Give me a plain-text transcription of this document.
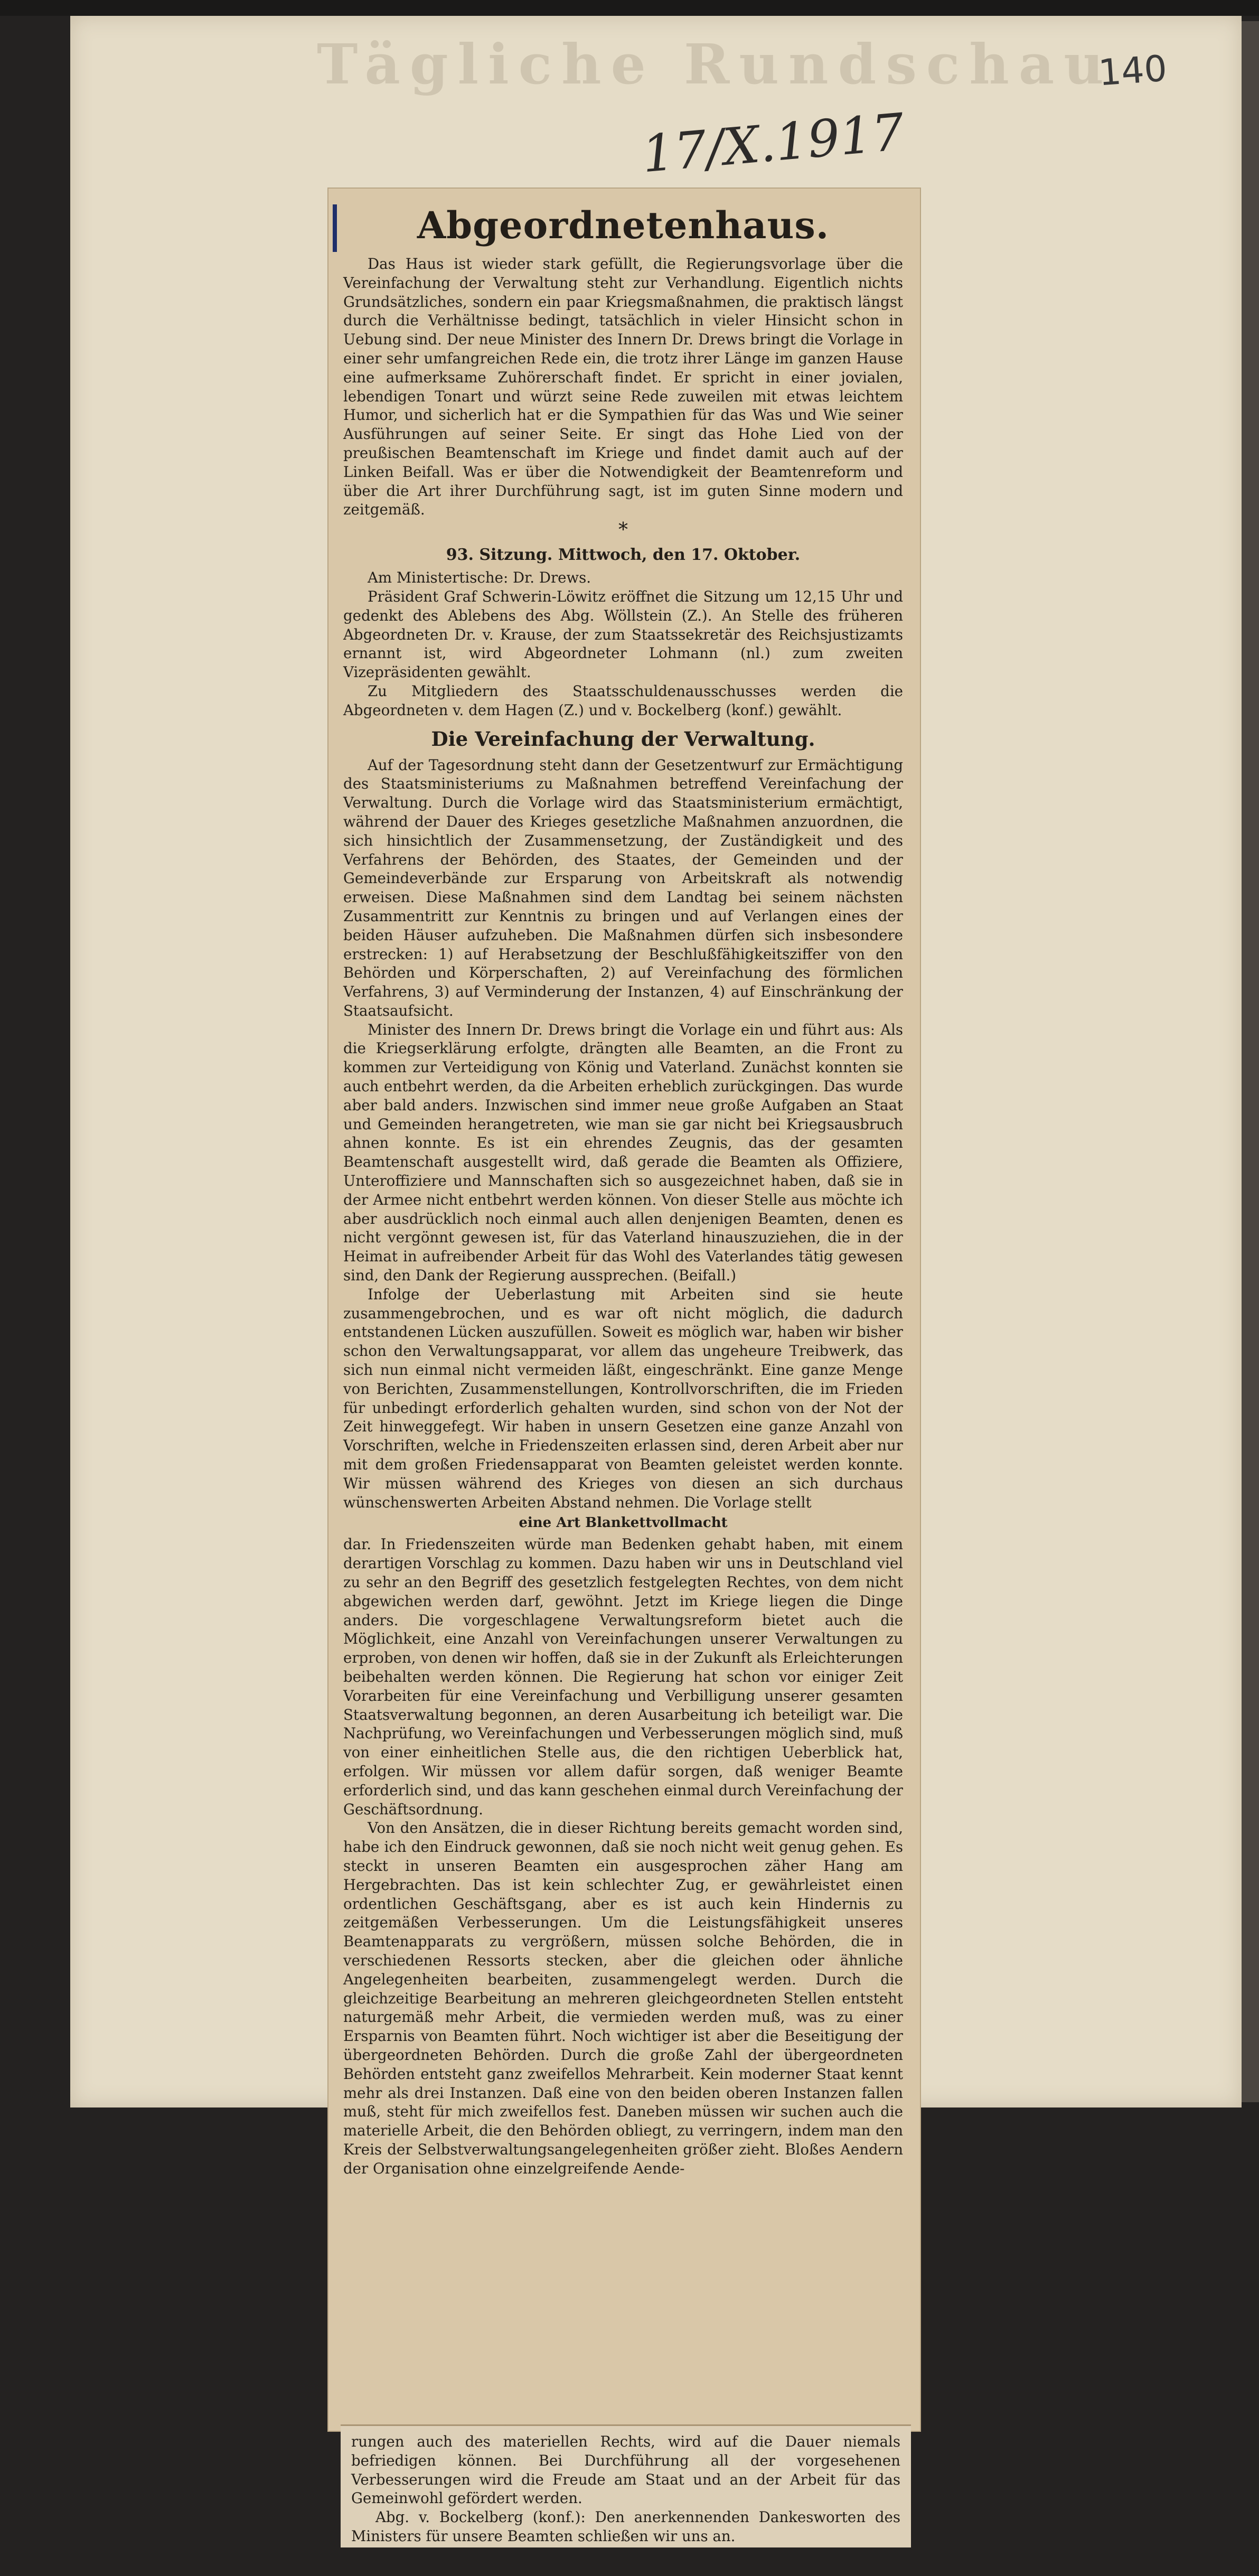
Tägliche Rundschau
140
17/X.1917
Abgeordnetenhaus.

Das Haus ist wieder stark gefüllt, die Regierungsvorlage über die Vereinfachung der Verwaltung steht zur Verhandlung. Eigentlich nichts Grundsätzliches, sondern ein paar Kriegsmaßnahmen, die praktisch längst durch die Verhältnisse bedingt, tatsächlich in vieler Hinsicht schon in Uebung sind. Der neue Minister des Innern Dr. Drews bringt die Vorlage in einer sehr umfangreichen Rede ein, die trotz ihrer Länge im ganzen Hause eine aufmerksame Zuhörerschaft findet. Er spricht in einer jovialen, lebendigen Tonart und würzt seine Rede zuweilen mit etwas leichtem Humor, und sicherlich hat er die Sympathien für das Was und Wie seiner Ausführungen auf seiner Seite. Er singt das Hohe Lied von der preußischen Beamtenschaft im Kriege und findet damit auch auf der Linken Beifall. Was er über die Notwendigkeit der Beamtenreform und über die Art ihrer Durchführung sagt, ist im guten Sinne modern und zeitgemäß.

*
93. Sitzung. Mittwoch, den 17. Oktober.

Am Ministertische: Dr. Drews.

Präsident Graf Schwerin-Löwitz eröffnet die Sitzung um 12,15 Uhr und gedenkt des Ablebens des Abg. Wöllstein (Z.). An Stelle des früheren Abgeordneten Dr. v. Krause, der zum Staatssekretär des Reichsjustizamts ernannt ist, wird Abgeordneter Lohmann (nl.) zum zweiten Vizepräsidenten gewählt.

Zu Mitgliedern des Staatsschuldenausschusses werden die Abgeordneten v. dem Hagen (Z.) und v. Bockelberg (konf.) gewählt.

Die Vereinfachung der Verwaltung.

Auf der Tagesordnung steht dann der Gesetzentwurf zur Ermächtigung des Staatsministeriums zu Maßnahmen betreffend Vereinfachung der Verwaltung. Durch die Vorlage wird das Staatsministerium ermächtigt, während der Dauer des Krieges gesetzliche Maßnahmen anzuordnen, die sich hinsichtlich der Zusammensetzung, der Zuständigkeit und des Verfahrens der Behörden, des Staates, der Gemeinden und der Gemeindeverbände zur Ersparung von Arbeitskraft als notwendig erweisen. Diese Maßnahmen sind dem Landtag bei seinem nächsten Zusammentritt zur Kenntnis zu bringen und auf Verlangen eines der beiden Häuser aufzuheben. Die Maßnahmen dürfen sich insbesondere erstrecken: 1) auf Herabsetzung der Beschlußfähigkeitsziffer von den Behörden und Körperschaften, 2) auf Vereinfachung des förmlichen Verfahrens, 3) auf Verminderung der Instanzen, 4) auf Einschränkung der Staatsaufsicht.

Minister des Innern Dr. Drews bringt die Vorlage ein und führt aus: Als die Kriegserklärung erfolgte, drängten alle Beamten, an die Front zu kommen zur Verteidigung von König und Vaterland. Zunächst konnten sie auch entbehrt werden, da die Arbeiten erheblich zurückgingen. Das wurde aber bald anders. Inzwischen sind immer neue große Aufgaben an Staat und Gemeinden herangetreten, wie man sie gar nicht bei Kriegsausbruch ahnen konnte. Es ist ein ehrendes Zeugnis, das der gesamten Beamtenschaft ausgestellt wird, daß gerade die Beamten als Offiziere, Unteroffiziere und Mannschaften sich so ausgezeichnet haben, daß sie in der Armee nicht entbehrt werden können. Von dieser Stelle aus möchte ich aber ausdrücklich noch einmal auch allen denjenigen Beamten, denen es nicht vergönnt gewesen ist, für das Vaterland hinauszuziehen, die in der Heimat in aufreibender Arbeit für das Wohl des Vaterlandes tätig gewesen sind, den Dank der Regierung aussprechen. (Beifall.)

Infolge der Ueberlastung mit Arbeiten sind sie heute zusammengebrochen, und es war oft nicht möglich, die dadurch entstandenen Lücken auszufüllen. Soweit es möglich war, haben wir bisher schon den Verwaltungsapparat, vor allem das ungeheure Treibwerk, das sich nun einmal nicht vermeiden läßt, eingeschränkt. Eine ganze Menge von Berichten, Zusammenstellungen, Kontrollvorschriften, die im Frieden für unbedingt erforderlich gehalten wurden, sind schon von der Not der Zeit hinweggefegt. Wir haben in unsern Gesetzen eine ganze Anzahl von Vorschriften, welche in Friedenszeiten erlassen sind, deren Arbeit aber nur mit dem großen Friedensapparat von Beamten geleistet werden konnte. Wir müssen während des Krieges von diesen an sich durchaus wünschenswerten Arbeiten Abstand nehmen. Die Vorlage stellt

eine Art Blankettvollmacht

dar. In Friedenszeiten würde man Bedenken gehabt haben, mit einem derartigen Vorschlag zu kommen. Dazu haben wir uns in Deutschland viel zu sehr an den Begriff des gesetzlich festgelegten Rechtes, von dem nicht abgewichen werden darf, gewöhnt. Jetzt im Kriege liegen die Dinge anders. Die vorgeschlagene Verwaltungsreform bietet auch die Möglichkeit, eine Anzahl von Vereinfachungen unserer Verwaltungen zu erproben, von denen wir hoffen, daß sie in der Zukunft als Erleichterungen beibehalten werden können. Die Regierung hat schon vor einiger Zeit Vorarbeiten für eine Vereinfachung und Verbilligung unserer gesamten Staatsverwaltung begonnen, an deren Ausarbeitung ich beteiligt war. Die Nachprüfung, wo Vereinfachungen und Verbesserungen möglich sind, muß von einer einheitlichen Stelle aus, die den richtigen Ueberblick hat, erfolgen. Wir müssen vor allem dafür sorgen, daß weniger Beamte erforderlich sind, und das kann geschehen einmal durch Vereinfachung der Geschäftsordnung.

Von den Ansätzen, die in dieser Richtung bereits gemacht worden sind, habe ich den Eindruck gewonnen, daß sie noch nicht weit genug gehen. Es steckt in unseren Beamten ein ausgesprochen zäher Hang am Hergebrachten. Das ist kein schlechter Zug, er gewährleistet einen ordentlichen Geschäftsgang, aber es ist auch kein Hindernis zu zeitgemäßen Verbesserungen. Um die Leistungsfähigkeit unseres Beamtenapparats zu vergrößern, müssen solche Behörden, die in verschiedenen Ressorts stecken, aber die gleichen oder ähnliche Angelegenheiten bearbeiten, zusammengelegt werden. Durch die gleichzeitige Bearbeitung an mehreren gleichgeordneten Stellen entsteht naturgemäß mehr Arbeit, die vermieden werden muß, was zu einer Ersparnis von Beamten führt. Noch wichtiger ist aber die Beseitigung der übergeordneten Behörden. Durch die große Zahl der übergeordneten Behörden entsteht ganz zweifellos Mehrarbeit. Kein moderner Staat kennt mehr als drei Instanzen. Daß eine von den beiden oberen Instanzen fallen muß, steht für mich zweifellos fest. Daneben müssen wir suchen auch die materielle Arbeit, die den Behörden obliegt, zu verringern, indem man den Kreis der Selbstverwaltungsangelegenheiten größer zieht. Bloßes Aendern der Organisation ohne einzelgreifende Aende-

rungen auch des materiellen Rechts, wird auf die Dauer niemals befriedigen können. Bei Durchführung all der vorgesehenen Verbesserungen wird die Freude am Staat und an der Arbeit für das Gemeinwohl gefördert werden.

Abg. v. Bockelberg (konf.): Den anerkennenden Dankesworten des Ministers für unsere Beamten schließen wir uns an.
